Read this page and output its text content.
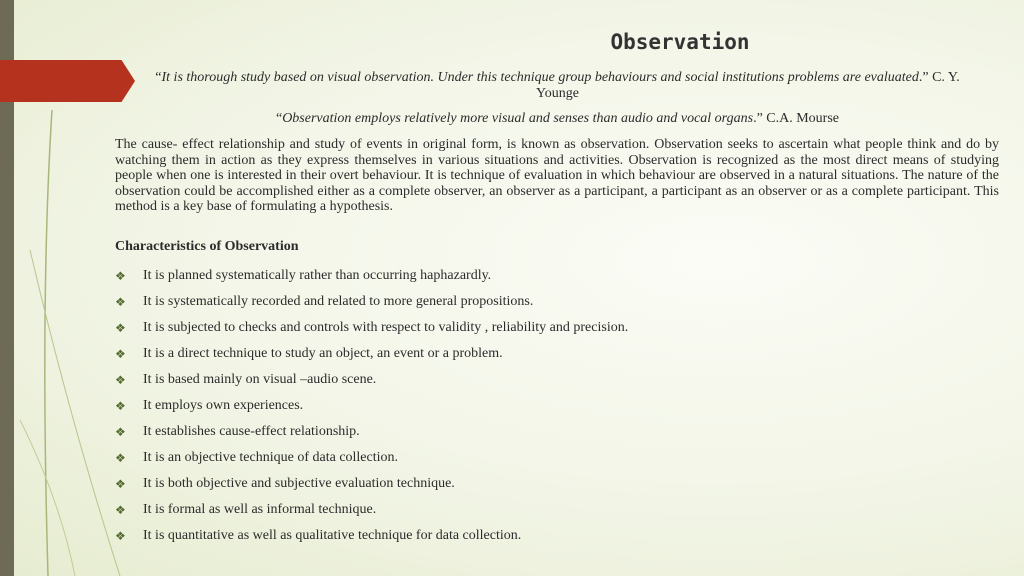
Observation
“It is thorough study based on visual observation. Under this technique group behaviours and social institutions problems are evaluated.” C. Y. Younge
“Observation employs relatively more visual and senses than audio and vocal organs.” C.A. Mourse
The cause- effect relationship and study of events in original form, is known as observation. Observation seeks to ascertain what people think and do by watching them in action as they express themselves in various situations and activities. Observation is recognized as the most direct means of studying people when one is interested in their overt behaviour. It is technique of evaluation in which behaviour are observed in a natural situations. The nature of the observation could be accomplished either as a complete observer, an observer as a participant, a participant as an observer or as a complete participant. This method is a key base of formulating a hypothesis.
Characteristics of Observation
❖	It is planned systematically rather than occurring haphazardly.
❖	It is systematically recorded and related to more general propositions.
❖	It is subjected to checks and controls with respect to validity , reliability and precision.
❖	It is a direct technique to study an object, an event or a problem.
❖	It is based mainly on visual –audio scene.
❖	It employs own experiences.
❖	It establishes cause-effect relationship.
❖	It is an objective technique of data collection.
❖	It is both objective and subjective evaluation technique.
❖	It is formal as well as informal technique.
❖	It is quantitative as well as qualitative technique for data collection.
